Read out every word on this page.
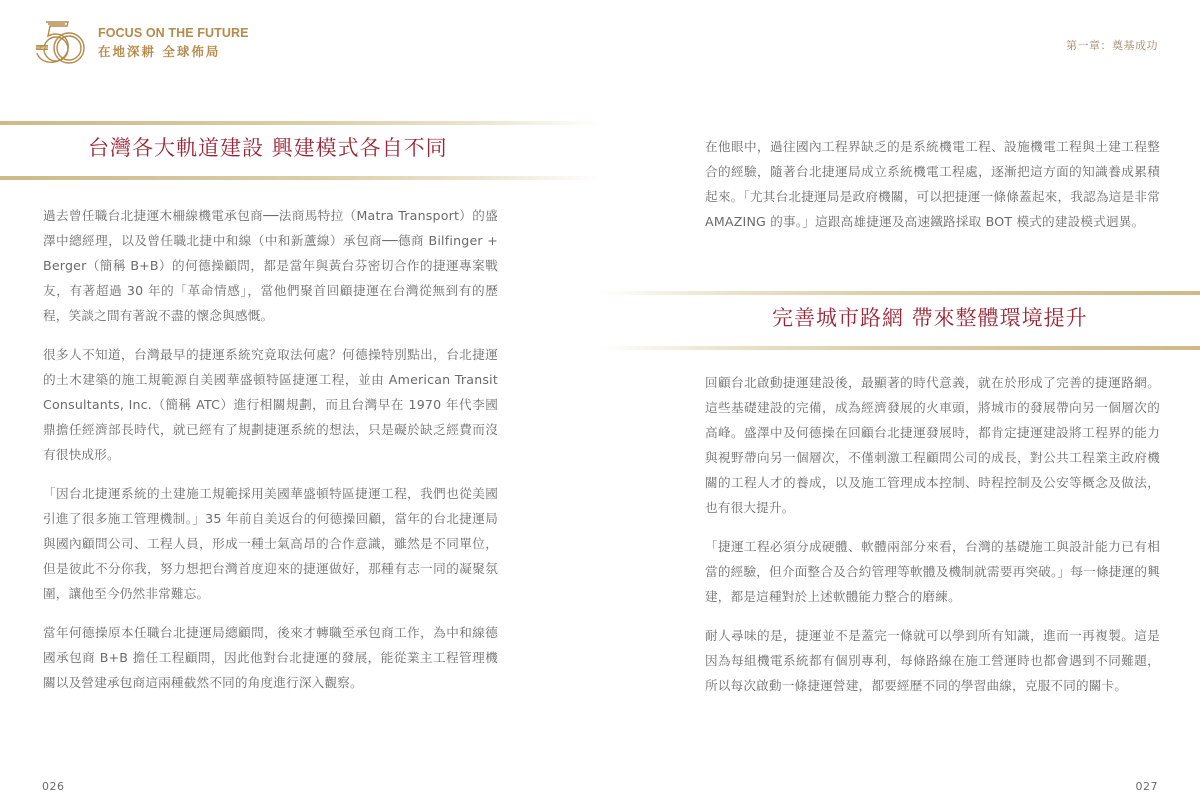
YEARS
FOCUS ON THE FUTURE
在地深耕 全球佈局	第一章：奠基成功
台灣各大軌道建設 興建模式各自不同

過去曾任職台北捷運木柵線機電承包商──法商馬特拉（Matra Transport）的盛澤中總經理，以及曾任職北捷中和線（中和新蘆線）承包商──德商 Bilfinger + Berger（簡稱 B+B）的何德操顧問，都是當年與黃台芬密切合作的捷運專案戰友，有著超過 30 年的「革命情感」，當他們聚首回顧捷運在台灣從無到有的歷程，笑談之間有著說不盡的懷念與感慨。

很多人不知道，台灣最早的捷運系統究竟取法何處？何德操特別點出，台北捷運的土木建築的施工規範源自美國華盛頓特區捷運工程，並由 American Transit Consultants, Inc.（簡稱 ATC）進行相關規劃，而且台灣早在 1970 年代李國鼎擔任經濟部長時代，就已經有了規劃捷運系統的想法，只是礙於缺乏經費而沒有很快成形。

「因台北捷運系統的土建施工規範採用美國華盛頓特區捷運工程，我們也從美國引進了很多施工管理機制。」35 年前自美返台的何德操回顧，當年的台北捷運局與國內顧問公司、工程人員，形成一種士氣高昂的合作意識，雖然是不同單位，但是彼此不分你我，努力想把台灣首度迎來的捷運做好，那種有志一同的凝聚氛圍，讓他至今仍然非常難忘。

當年何德操原本任職台北捷運局總顧問，後來才轉職至承包商工作，為中和線德國承包商 B+B 擔任工程顧問，因此他對台北捷運的發展，能從業主工程管理機關以及營建承包商這兩種截然不同的角度進行深入觀察。

在他眼中，過往國內工程界缺乏的是系統機電工程、設施機電工程與土建工程整合的經驗，隨著台北捷運局成立系統機電工程處，逐漸把這方面的知識養成累積起來。「尤其台北捷運局是政府機關，可以把捷運一條條蓋起來，我認為這是非常 AMAZING 的事。」這跟高雄捷運及高速鐵路採取 BOT 模式的建設模式迥異。

完善城市路網 帶來整體環境提升

回顧台北啟動捷運建設後，最顯著的時代意義，就在於形成了完善的捷運路網。這些基礎建設的完備，成為經濟發展的火車頭，將城市的發展帶向另一個層次的高峰。盛澤中及何德操在回顧台北捷運發展時，都肯定捷運建設將工程界的能力與視野帶向另一個層次，不僅刺激工程顧問公司的成長，對公共工程業主政府機關的工程人才的養成，以及施工管理成本控制、時程控制及公安等概念及做法，也有很大提升。

「捷運工程必須分成硬體、軟體兩部分來看，台灣的基礎施工與設計能力已有相當的經驗，但介面整合及合約管理等軟體及機制就需要再突破。」每一條捷運的興建，都是這種對於上述軟體能力整合的磨練。

耐人尋味的是，捷運並不是蓋完一條就可以學到所有知識，進而一再複製。這是因為每組機電系統都有個別專利，每條路線在施工營運時也都會遇到不同難題，所以每次啟動一條捷運營建，都要經歷不同的學習曲線，克服不同的關卡。

026	027
